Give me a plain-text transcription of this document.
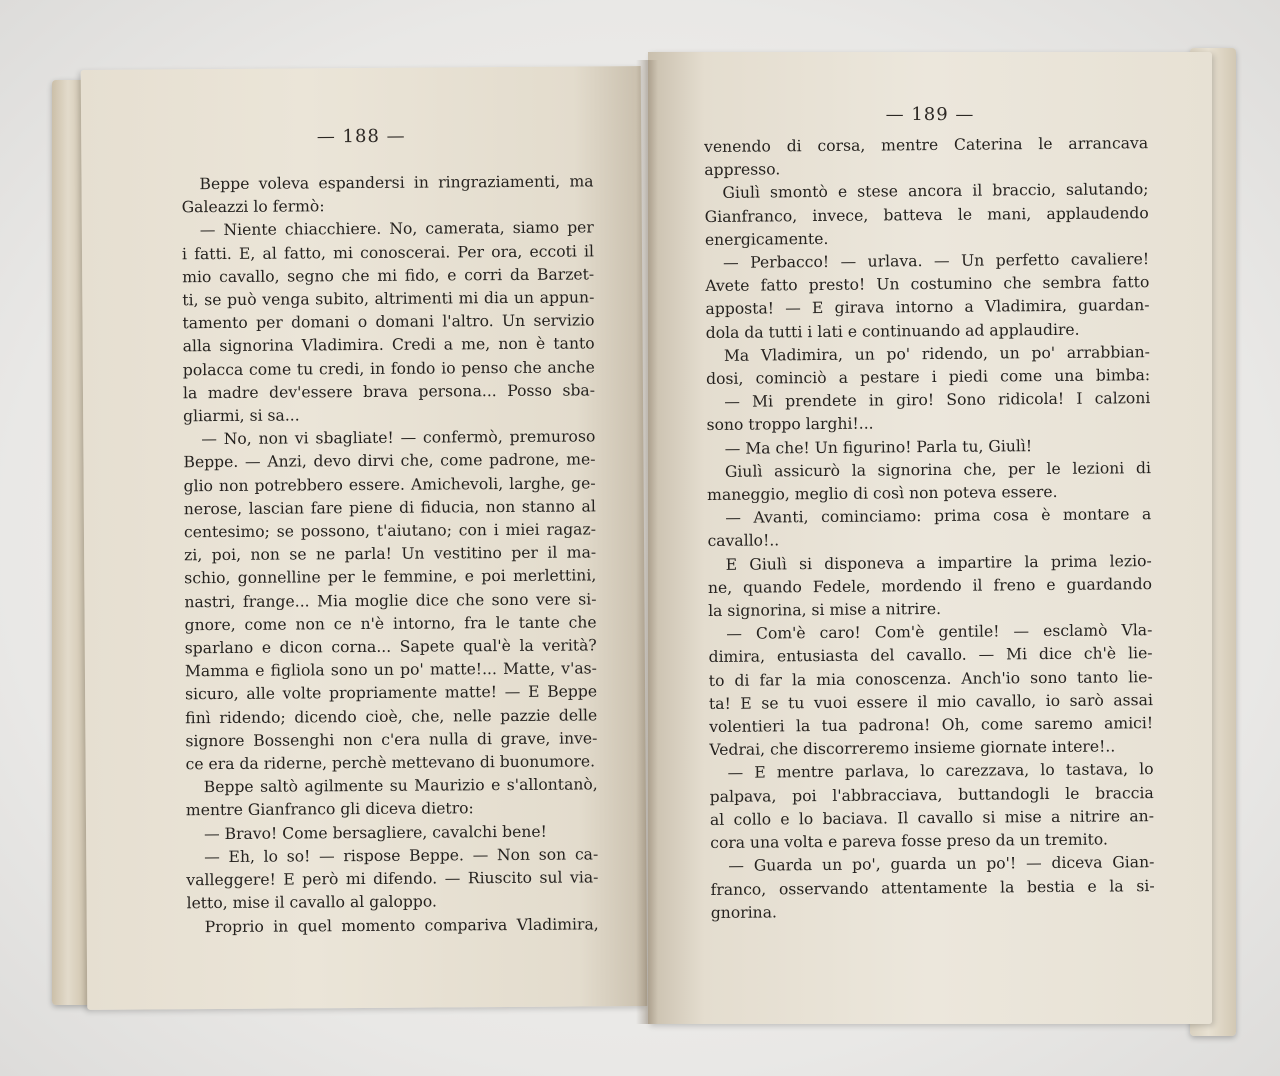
— 188 —
Beppe voleva espandersi in ringraziamenti, ma
Galeazzi lo fermò:
— Niente chiacchiere. No, camerata, siamo per
i fatti. E, al fatto, mi conoscerai. Per ora, eccoti il
mio cavallo, segno che mi fido, e corri da Barzet-
ti, se può venga subito, altrimenti mi dia un appun-
tamento per domani o domani l'altro. Un servizio
alla signorina Vladimira. Credi a me, non è tanto
polacca come tu credi, in fondo io penso che anche
la madre dev'essere brava persona... Posso sba-
gliarmi, si sa...
— No, non vi sbagliate! — confermò, premuroso
Beppe. — Anzi, devo dirvi che, come padrone, me-
glio non potrebbero essere. Amichevoli, larghe, ge-
nerose, lascian fare piene di fiducia, non stanno al
centesimo; se possono, t'aiutano; con i miei ragaz-
zi, poi, non se ne parla! Un vestitino per il ma-
schio, gonnelline per le femmine, e poi merlettini,
nastri, frange... Mia moglie dice che sono vere si-
gnore, come non ce n'è intorno, fra le tante che
sparlano e dicon corna... Sapete qual'è la verità?
Mamma e figliola sono un po' matte!... Matte, v'as-
sicuro, alle volte propriamente matte! — E Beppe
finì ridendo; dicendo cioè, che, nelle pazzie delle
signore Bossenghi non c'era nulla di grave, inve-
ce era da riderne, perchè mettevano di buonumore.
Beppe saltò agilmente su Maurizio e s'allontanò,
mentre Gianfranco gli diceva dietro:
— Bravo! Come bersagliere, cavalchi bene!
— Eh, lo so! — rispose Beppe. — Non son ca-
valleggere! E però mi difendo. — Riuscito sul via-
letto, mise il cavallo al galoppo.
Proprio in quel momento compariva Vladimira,
— 189 —
venendo di corsa, mentre Caterina le arrancava
appresso.
Giulì smontò e stese ancora il braccio, salutando;
Gianfranco, invece, batteva le mani, applaudendo
energicamente.
— Perbacco! — urlava. — Un perfetto cavaliere!
Avete fatto presto! Un costumino che sembra fatto
apposta! — E girava intorno a Vladimira, guardan-
dola da tutti i lati e continuando ad applaudire.
Ma Vladimira, un po' ridendo, un po' arrabbian-
dosi, cominciò a pestare i piedi come una bimba:
— Mi prendete in giro! Sono ridicola! I calzoni
sono troppo larghi!...
— Ma che! Un figurino! Parla tu, Giulì!
Giulì assicurò la signorina che, per le lezioni di
maneggio, meglio di così non poteva essere.
— Avanti, cominciamo: prima cosa è montare a
cavallo!..
E Giulì si disponeva a impartire la prima lezio-
ne, quando Fedele, mordendo il freno e guardando
la signorina, si mise a nitrire.
— Com'è caro! Com'è gentile! — esclamò Vla-
dimira, entusiasta del cavallo. — Mi dice ch'è lie-
to di far la mia conoscenza. Anch'io sono tanto lie-
ta! E se tu vuoi essere il mio cavallo, io sarò assai
volentieri la tua padrona! Oh, come saremo amici!
Vedrai, che discorreremo insieme giornate intere!..
— E mentre parlava, lo carezzava, lo tastava, lo
palpava, poi l'abbracciava, buttandogli le braccia
al collo e lo baciava. Il cavallo si mise a nitrire an-
cora una volta e pareva fosse preso da un tremito.
— Guarda un po', guarda un po'! — diceva Gian-
franco, osservando attentamente la bestia e la si-
gnorina.
